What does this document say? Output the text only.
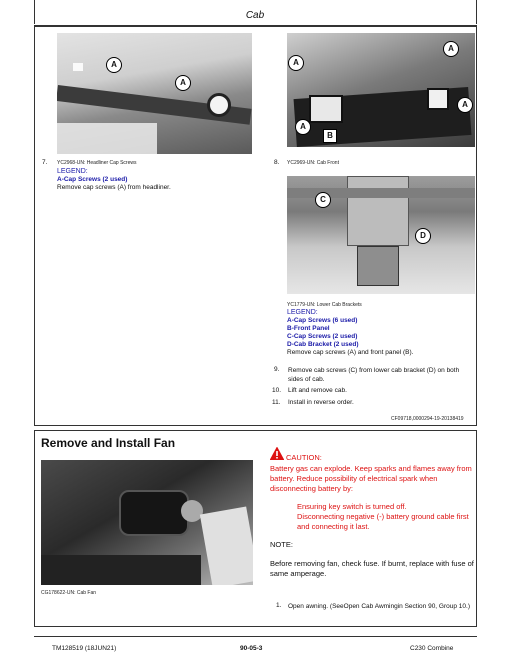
Cab
A
A
7. YC2968-UN: Headliner Cap Screws
LEGEND:
A-Cap Screws (2 used)
Remove cap screws (A) from headliner.
A
A
A
A
B
8. YC2969-UN: Cab Front
C
D
YC1779-UN: Lower Cab Brackets
LEGEND:
A-Cap Screws (6 used)
B-Front Panel
C-Cap Screws (2 used)
D-Cab Bracket (2 used)
Remove cap screws (A) and front panel (B).
9. Remove cab screws (C) from lower cab bracket (D) on both sides of cab.
10. Lift and remove cab.
11. Install in reverse order.
CF09718,0000294-19-20138419
Remove and Install Fan
CG178622-UN: Cab Fan
CAUTION:
Battery gas can explode. Keep sparks and flames away from battery. Reduce possibility of electrical spark when disconnecting battery by:
Ensuring key switch is turned off.
Disconnecting negative (-) battery ground cable first and connecting it last.
NOTE:
Before removing fan, check fuse. If burnt, replace with fuse of same amperage.
1. Open awning. (SeeOpen Cab Awmingin Section 90, Group 10.)
TM128519 (18JUN21)	90-05-3	C230 Combine
